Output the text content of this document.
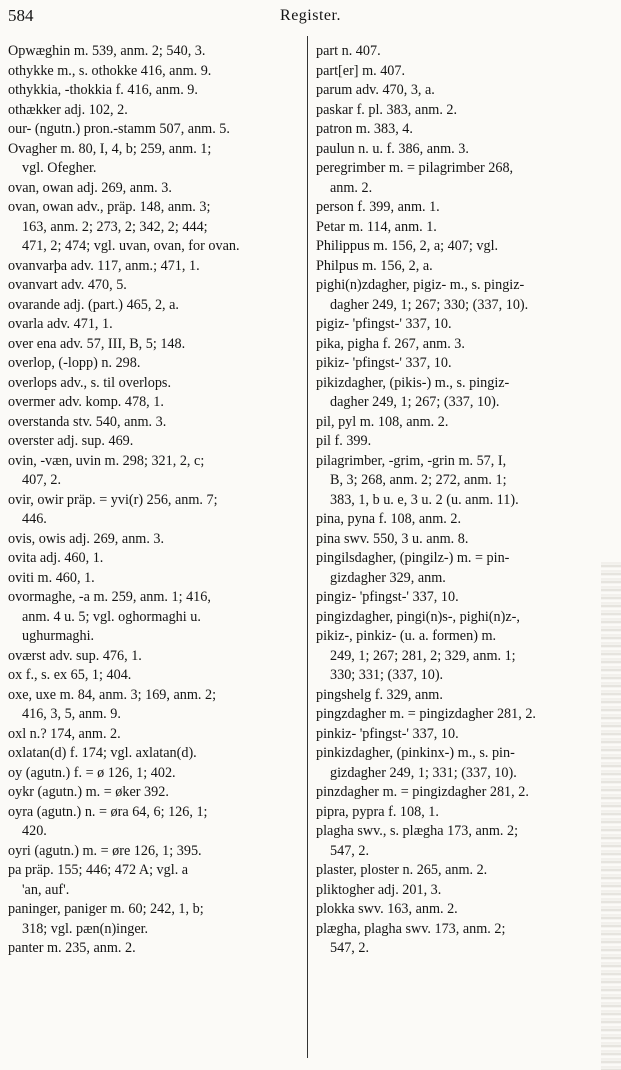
584	Register.
Opwæghin m. 539, anm. 2; 540, 3.
othykke m., s. othokke 416, anm. 9.
othykkia, -thokkia f. 416, anm. 9.
othækker adj. 102, 2.
our- (ngutn.) pron.-stamm 507, anm. 5.
Ovagher m. 80, I, 4, b; 259, anm. 1;
vgl. Ofegher.
ovan, owan adj. 269, anm. 3.
ovan, owan adv., präp. 148, anm. 3;
163, anm. 2; 273, 2; 342, 2; 444;
471, 2; 474; vgl. uvan, ovan, for ovan.
ovanvarþa adv. 117, anm.; 471, 1.
ovanvart adv. 470, 5.
ovarande adj. (part.) 465, 2, a.
ovarla adv. 471, 1.
over ena adv. 57, III, B, 5; 148.
overlop, (-lopp) n. 298.
overlops adv., s. til overlops.
overmer adv. komp. 478, 1.
overstanda stv. 540, anm. 3.
overster adj. sup. 469.
ovin, -væn, uvin m. 298; 321, 2, c;
407, 2.
ovir, owir präp. = yvi(r) 256, anm. 7;
446.
ovis, owis adj. 269, anm. 3.
ovita adj. 460, 1.
oviti m. 460, 1.
ovormaghe, -a m. 259, anm. 1; 416,
anm. 4 u. 5; vgl. oghormaghi u.
ughurmaghi.
oværst adv. sup. 476, 1.
ox f., s. ex 65, 1; 404.
oxe, uxe m. 84, anm. 3; 169, anm. 2;
416, 3, 5, anm. 9.
oxl n.? 174, anm. 2.
oxlatan(d) f. 174; vgl. axlatan(d).
oy (agutn.) f. = ø 126, 1; 402.
oykr (agutn.) m. = øker 392.
oyra (agutn.) n. = øra 64, 6; 126, 1;
420.
oyri (agutn.) m. = øre 126, 1; 395.
pa präp. 155; 446; 472 A; vgl. a
'an, auf'.
paninger, paniger m. 60; 242, 1, b;
318; vgl. pæn(n)inger.
panter m. 235, anm. 2.
part n. 407.
part[er] m. 407.
parum adv. 470, 3, a.
paskar f. pl. 383, anm. 2.
patron m. 383, 4.
paulun n. u. f. 386, anm. 3.
peregrimber m. = pilagrimber 268,
anm. 2.
person f. 399, anm. 1.
Petar m. 114, anm. 1.
Philippus m. 156, 2, a; 407; vgl.
Philpus m. 156, 2, a.
pighi(n)zdagher, pigiz- m., s. pingiz-
dagher 249, 1; 267; 330; (337, 10).
pigiz- 'pfingst-' 337, 10.
pika, pigha f. 267, anm. 3.
pikiz- 'pfingst-' 337, 10.
pikizdagher, (pikis-) m., s. pingiz-
dagher 249, 1; 267; (337, 10).
pil, pyl m. 108, anm. 2.
pil f. 399.
pilagrimber, -grim, -grin m. 57, I,
B, 3; 268, anm. 2; 272, anm. 1;
383, 1, b u. e, 3 u. 2 (u. anm. 11).
pina, pyna f. 108, anm. 2.
pina swv. 550, 3 u. anm. 8.
pingilsdagher, (pingilz-) m. = pin-
gizdagher 329, anm.
pingiz- 'pfingst-' 337, 10.
pingizdagher, pingi(n)s-, pighi(n)z-,
pikiz-, pinkiz- (u. a. formen) m.
249, 1; 267; 281, 2; 329, anm. 1;
330; 331; (337, 10).
pingshelg f. 329, anm.
pingzdagher m. = pingizdagher 281, 2.
pinkiz- 'pfingst-' 337, 10.
pinkizdagher, (pinkinx-) m., s. pin-
gizdagher 249, 1; 331; (337, 10).
pinzdagher m. = pingizdagher 281, 2.
pipra, pypra f. 108, 1.
plagha swv., s. plægha 173, anm. 2;
547, 2.
plaster, ploster n. 265, anm. 2.
pliktogher adj. 201, 3.
plokka swv. 163, anm. 2.
plægha, plagha swv. 173, anm. 2;
547, 2.
